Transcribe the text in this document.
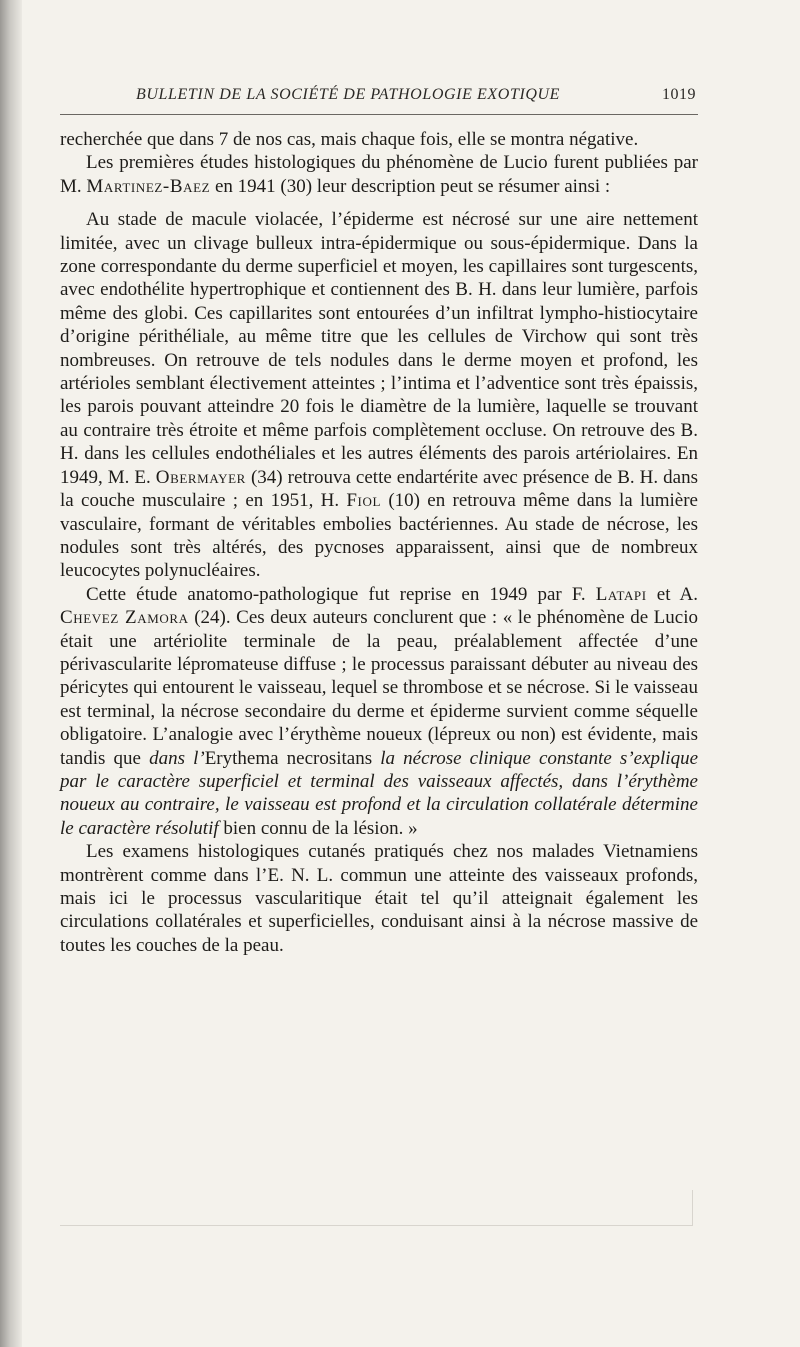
BULLETIN DE LA SOCIÉTÉ DE PATHOLOGIE EXOTIQUE	1019

recherchée que dans 7 de nos cas, mais chaque fois, elle se montra négative.

Les premières études histologiques du phénomène de Lucio furent publiées par M. Martinez-Baez en 1941 (30) leur description peut se résumer ainsi :

Au stade de macule violacée, l’épiderme est nécrosé sur une aire nettement limitée, avec un clivage bulleux intra-épidermique ou sous-épidermique. Dans la zone correspondante du derme superficiel et moyen, les capillaires sont turgescents, avec endothélite hypertrophique et contiennent des B. H. dans leur lumière, parfois même des globi. Ces capillarites sont entourées d’un infiltrat lympho-histiocytaire d’origine périthéliale, au même titre que les cellules de Virchow qui sont très nombreuses. On retrouve de tels nodules dans le derme moyen et profond, les artérioles semblant électivement atteintes ; l’intima et l’adventice sont très épaissis, les parois pouvant atteindre 20 fois le diamètre de la lumière, laquelle se trouvant au contraire très étroite et même parfois complètement occluse. On retrouve des B. H. dans les cellules endothéliales et les autres éléments des parois artériolaires. En 1949, M. E. Obermayer (34) retrouva cette endartérite avec présence de B. H. dans la couche musculaire ; en 1951, H. Fiol (10) en retrouva même dans la lumière vasculaire, formant de véritables embolies bactériennes. Au stade de nécrose, les nodules sont très altérés, des pycnoses apparaissent, ainsi que de nombreux leucocytes polynucléaires.

Cette étude anatomo-pathologique fut reprise en 1949 par F. Latapi et A. Chevez Zamora (24). Ces deux auteurs conclurent que : « le phénomène de Lucio était une artériolite terminale de la peau, préalablement affectée d’une périvascularite lépromateuse diffuse ; le processus paraissant débuter au niveau des péricytes qui entourent le vaisseau, lequel se thrombose et se nécrose. Si le vaisseau est terminal, la nécrose secondaire du derme et épiderme survient comme séquelle obligatoire. L’analogie avec l’érythème noueux (lépreux ou non) est évidente, mais tandis que dans l’Erythema necrositans la nécrose clinique constante s’explique par le caractère superficiel et terminal des vaisseaux affectés, dans l’érythème noueux au contraire, le vaisseau est profond et la circulation collatérale détermine le caractère résolutif bien connu de la lésion. »

Les examens histologiques cutanés pratiqués chez nos malades Vietnamiens montrèrent comme dans l’E. N. L. commun une atteinte des vaisseaux profonds, mais ici le processus vascularitique était tel qu’il atteignait également les circulations collatérales et superficielles, conduisant ainsi à la nécrose massive de toutes les couches de la peau.
